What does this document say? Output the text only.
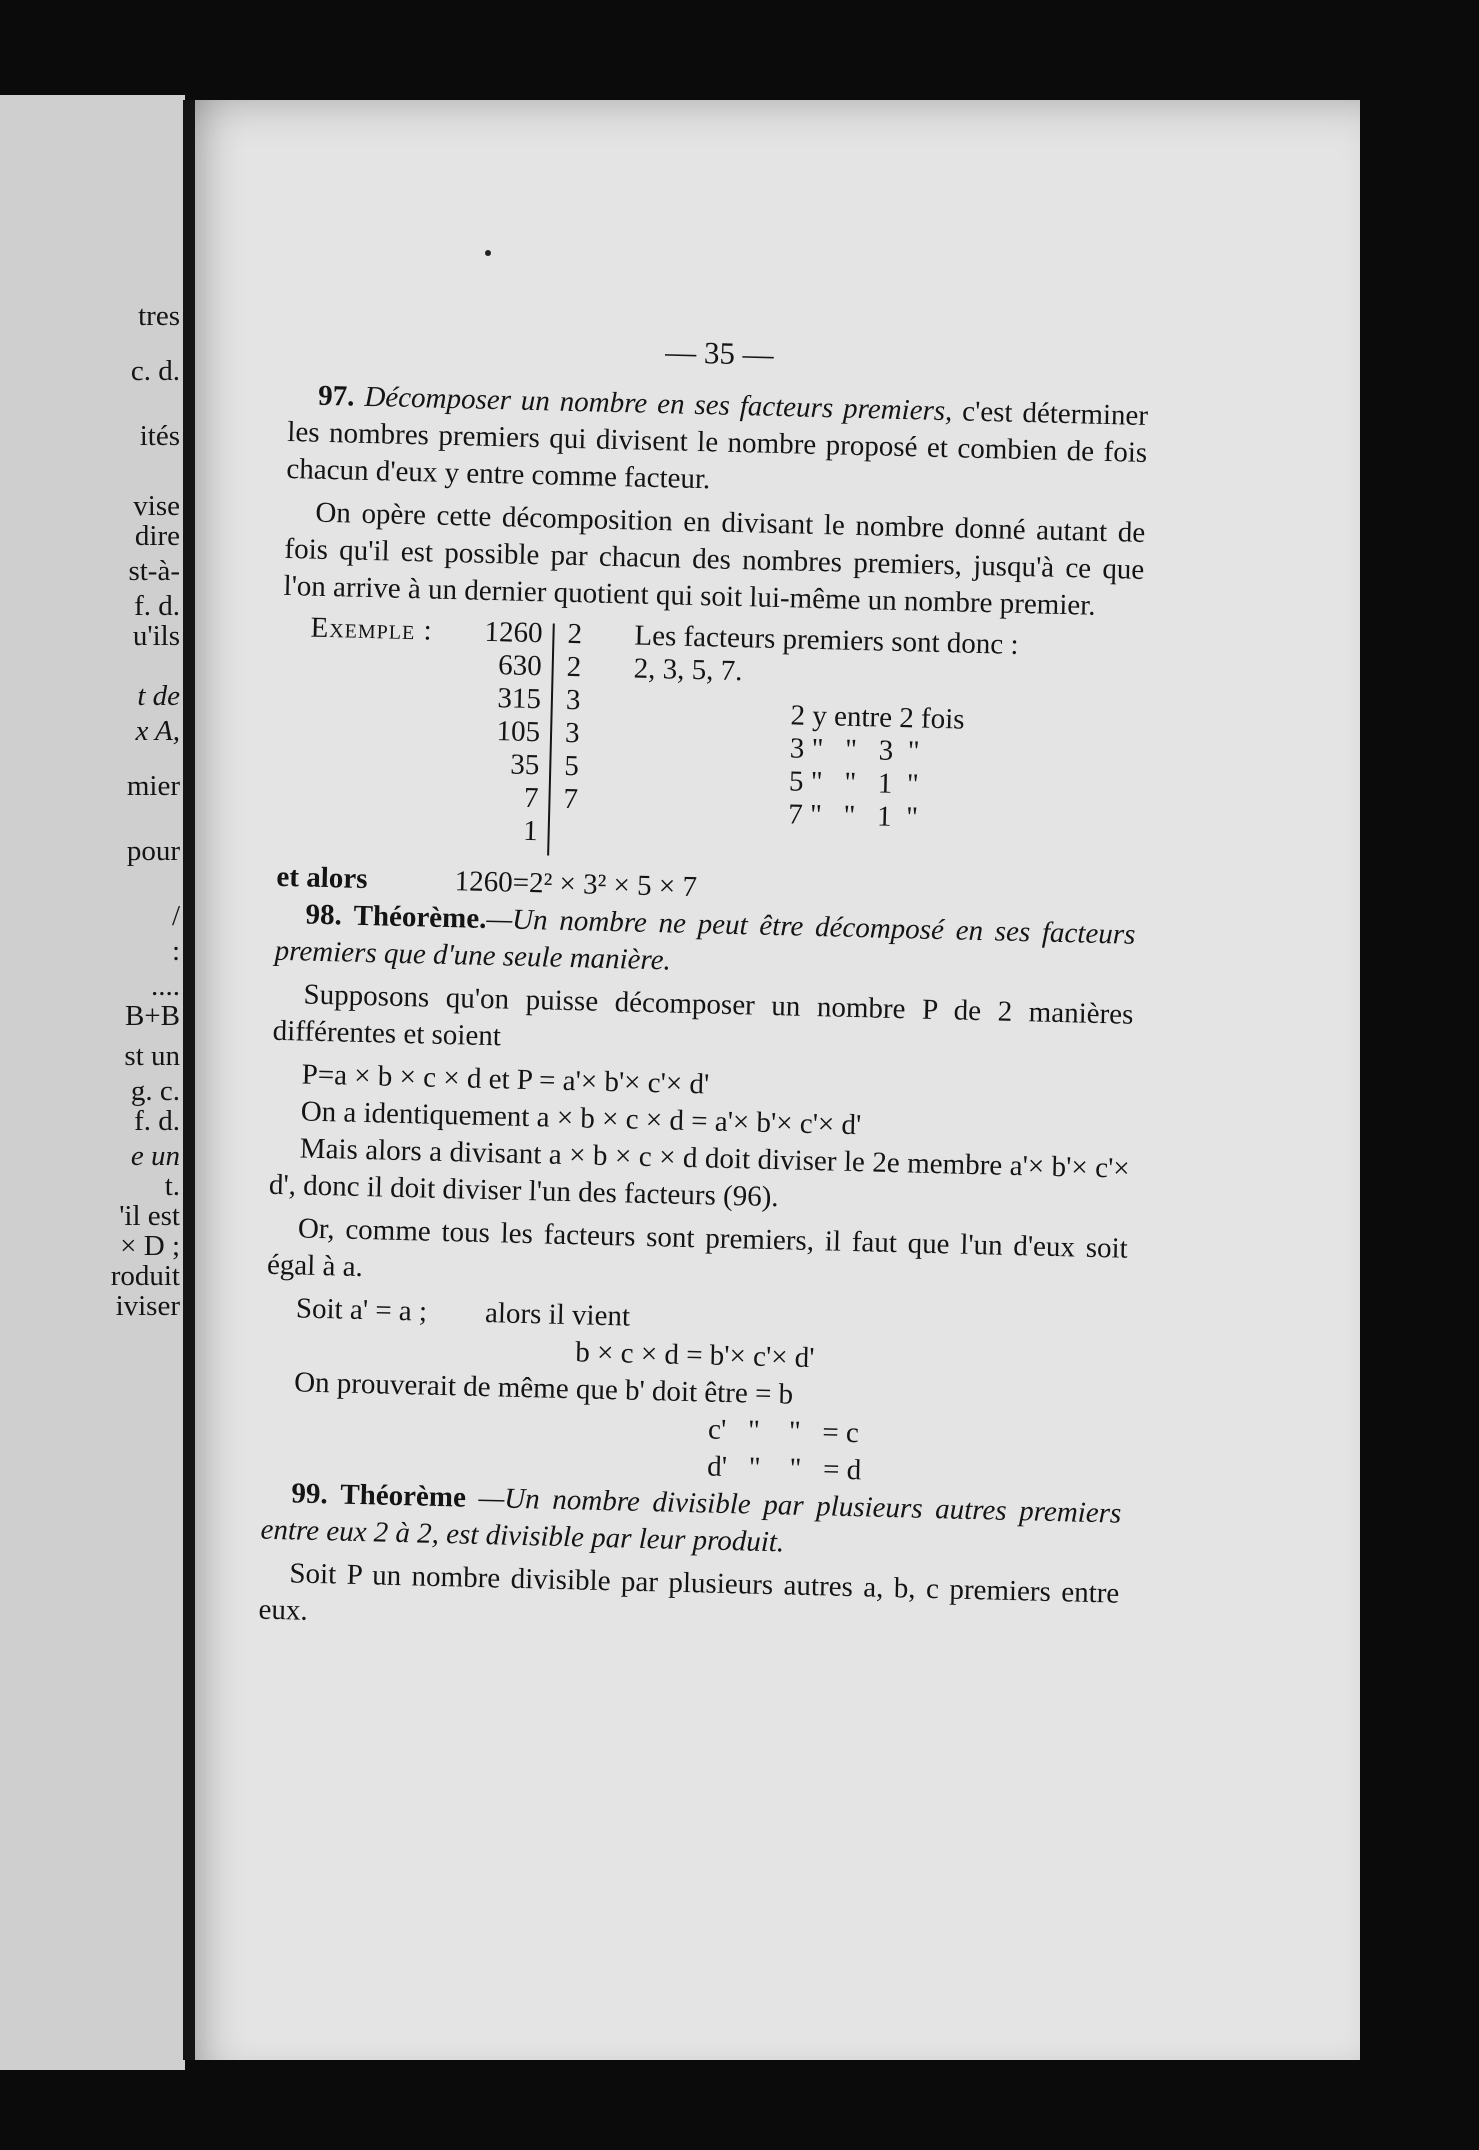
tres
c. d.
ités
vise
dire
st-à-
f. d.
u'ils
t de
x A,
mier
pour
/
:
....
B+B
st un
g. c.
f. d.
e un
t.
'il est
× D ;
roduit
iviser
— 35 —

97. Décomposer un nombre en ses facteurs premiers, c'est déterminer les nombres premiers qui divisent le nombre proposé et combien de fois chacun d'eux y entre comme facteur.

On opère cette décomposition en divisant le nombre donné autant de fois qu'il est possible par chacun des nombres premiers, jusqu'à ce que l'on arrive à un dernier quotient qui soit lui-même un nombre premier.

Exemple :	1260
630
315
105
35
7
1
2
2
3
3
5
7
Les facteurs premiers sont donc :
2, 3, 5, 7.
2 y entre 2 fois
3 "   "   3  "
5 "   "   1  "
7 "   "   1  "
et alors	1260=2² × 3² × 5 × 7

98. Théorème.—Un nombre ne peut être décomposé en ses facteurs premiers que d'une seule manière.

Supposons qu'on puisse décomposer un nombre P de 2 manières différentes et soient

P=a × b × c × d et P = a'× b'× c'× d'
On a identiquement a × b × c × d = a'× b'× c'× d'

Mais alors a divisant a × b × c × d doit diviser le 2e membre a'× b'× c'× d', donc il doit diviser l'un des facteurs (96).

Or, comme tous les facteurs sont premiers, il faut que l'un d'eux soit égal à a.

Soit a' = a ;        alors il vient
b × c × d = b'× c'× d'
On prouverait de même que b' doit être = b
c'   "    "   = c
d'   "    "   = d

99. Théorème —Un nombre divisible par plusieurs autres premiers entre eux 2 à 2, est divisible par leur produit.

Soit P un nombre divisible par plusieurs autres a, b, c premiers entre eux.
